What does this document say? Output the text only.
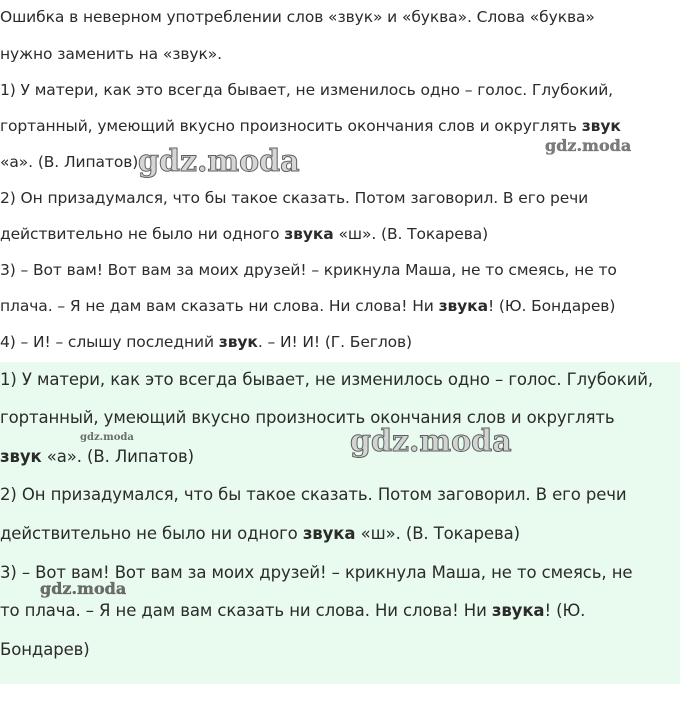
Ошибка в неверном употреблении слов «звук» и «буква». Слова «буква»
нужно заменить на «звук».
1) У матери, как это всегда бывает, не изменилось одно – голос. Глубокий,
гортанный, умеющий вкусно произносить окончания слов и округлять звук
«а». (В. Липатов)
2) Он призадумался, что бы такое сказать. Потом заговорил. В его речи
действительно не было ни одного звука «ш». (В. Токарева)
3) – Вот вам! Вот вам за моих друзей! – крикнула Маша, не то смеясь, не то
плача. – Я не дам вам сказать ни слова. Ни слова! Ни звука! (Ю. Бондарев)
4) – И! – слышу последний звук. – И! И! (Г. Беглов)
gdz.moda	gdz.moda
1) У матери, как это всегда бывает, не изменилось одно – голос. Глубокий,
гортанный, умеющий вкусно произносить окончания слов и округлять
звук «а». (В. Липатов)
2) Он призадумался, что бы такое сказать. Потом заговорил. В его речи
действительно не было ни одного звука «ш». (В. Токарева)
3) – Вот вам! Вот вам за моих друзей! – крикнула Маша, не то смеясь, не
то плача. – Я не дам вам сказать ни слова. Ни слова! Ни звука! (Ю.
Бондарев)
gdz.moda
gdz.moda
gdz.moda
